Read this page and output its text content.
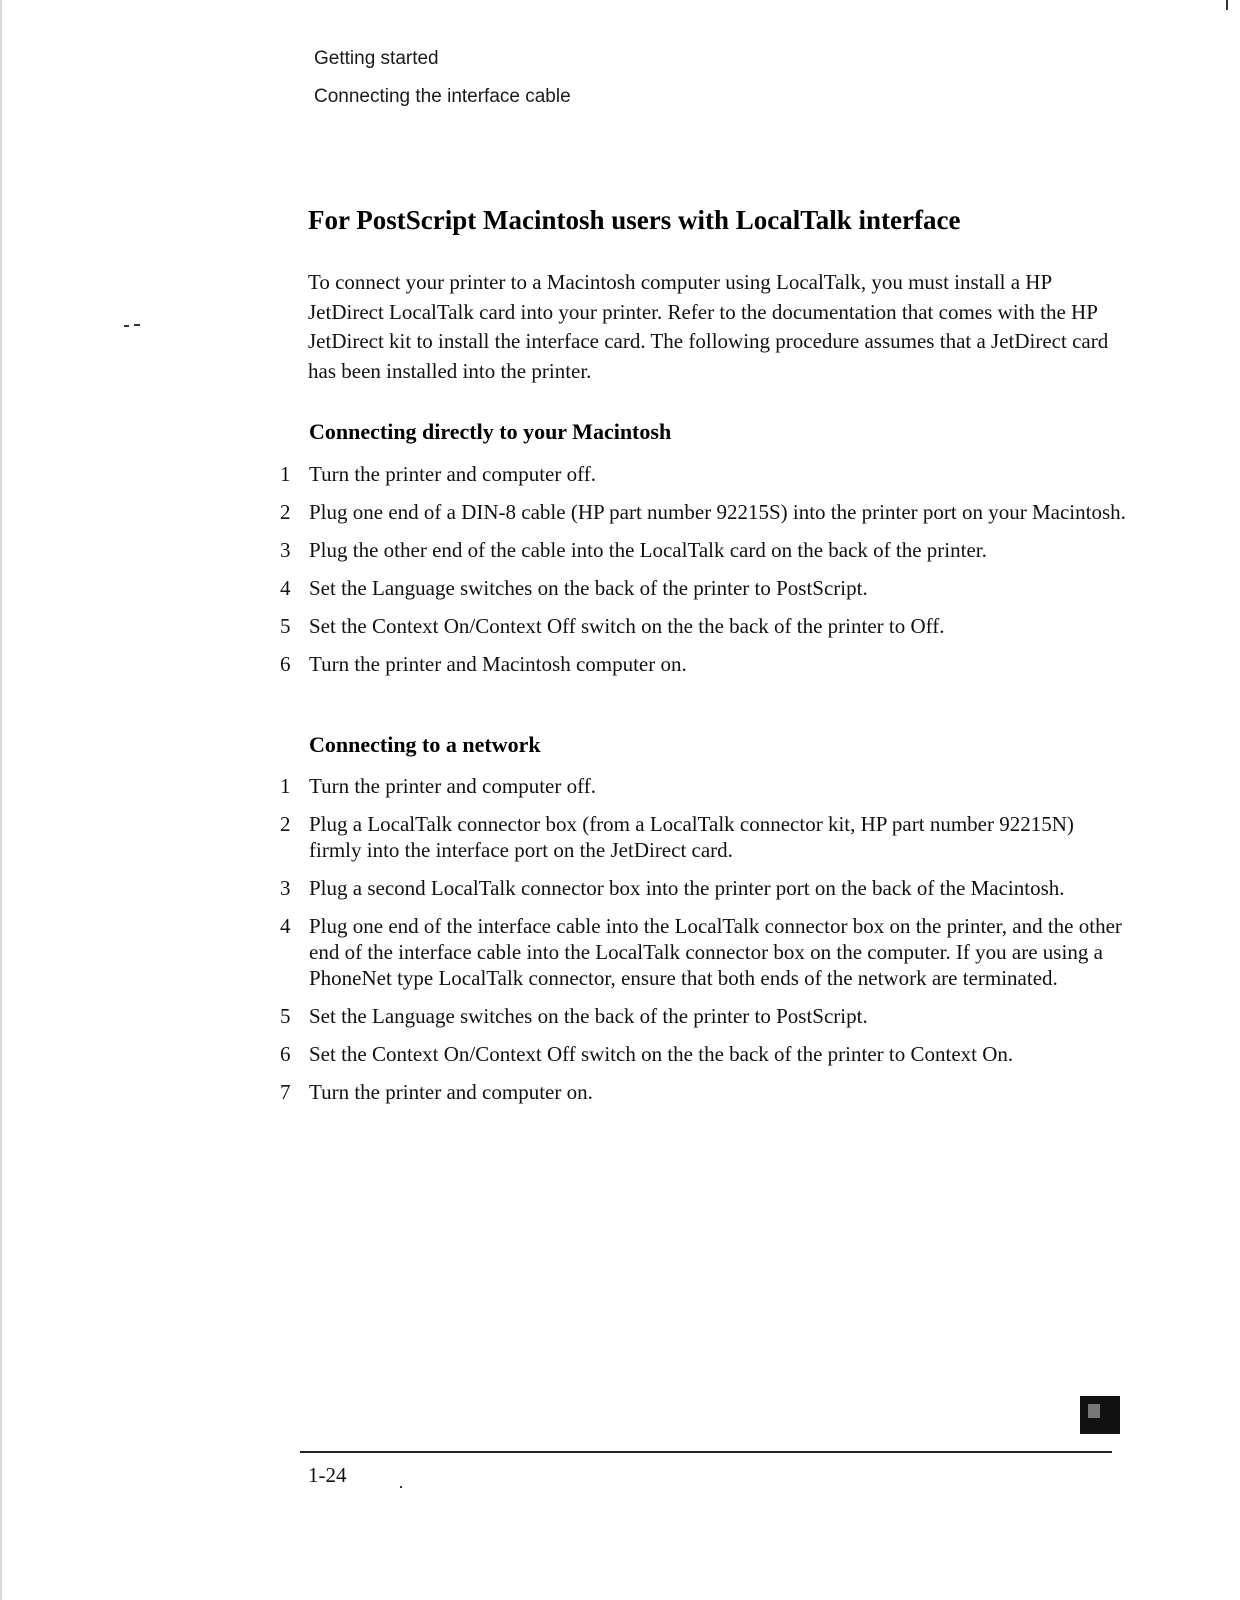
Getting started
Connecting the interface cable
For PostScript Macintosh users with LocalTalk interface

To connect your printer to a Macintosh computer using LocalTalk, you must install a HP JetDirect LocalTalk card into your printer. Refer to the documentation that comes with the HP JetDirect kit to install the interface card. The following procedure assumes that a JetDirect card has been installed into the printer.

Connecting directly to your Macintosh
1 Turn the printer and computer off.
2 Plug one end of a DIN-8 cable (HP part number 92215S) into the printer port on your Macintosh.
3 Plug the other end of the cable into the LocalTalk card on the back of the printer.
4 Set the Language switches on the back of the printer to PostScript.
5 Set the Context On/Context Off switch on the the back of the printer to Off.
6 Turn the printer and Macintosh computer on.
Connecting to a network
1 Turn the printer and computer off.
2 Plug a LocalTalk connector box (from a LocalTalk connector kit, HP part number 92215N) firmly into the interface port on the JetDirect card.
3 Plug a second LocalTalk connector box into the printer port on the back of the Macintosh.
4 Plug one end of the interface cable into the LocalTalk connector box on the printer, and the other end of the interface cable into the LocalTalk connector box on the computer. If you are using a PhoneNet type LocalTalk connector, ensure that both ends of the network are terminated.
5 Set the Language switches on the back of the printer to PostScript.
6 Set the Context On/Context Off switch on the the back of the printer to Context On.
7 Turn the printer and computer on.
1-24
